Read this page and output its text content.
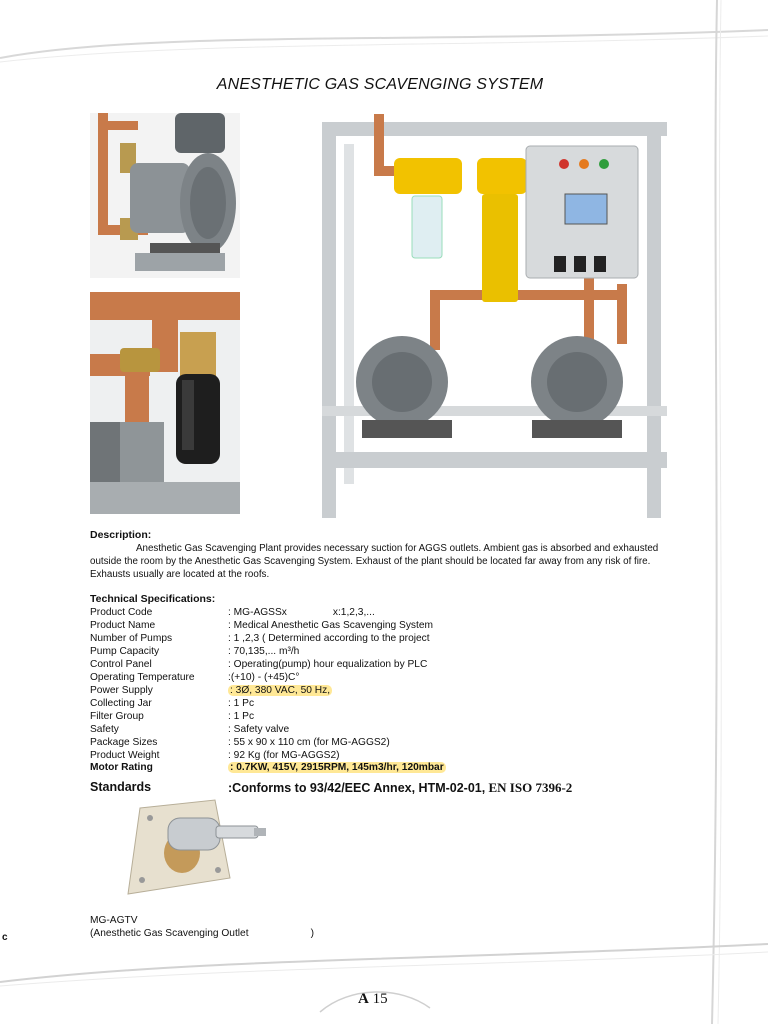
ANESTHETIC GAS SCAVENGING SYSTEM
Description:
Anesthetic Gas Scavenging Plant provides necessary suction for AGGS outlets. Ambient gas is absorbed and exhausted outside the room by the Anesthetic Gas Scavenging System. Exhaust of the plant should be located far away from any risk of fire. Exhausts usually are located at the roofs.
Technical Specifications:
Product Code	: MG-AGSSx	x:1,2,3,...
Product Name	: Medical Anesthetic Gas Scavenging System
Number of Pumps	: 1 ,2,3 ( Determined according to the project
Pump Capacity	: 70,135,... m³/h
Control Panel	: Operating(pump) hour equalization by PLC
Operating Temperature	:(+10) - (+45)C°
Power Supply	: 3Ø, 380 VAC, 50 Hz,
Collecting Jar	: 1 Pc
Filter Group	: 1 Pc
Safety	: Safety valve
Package Sizes	: 55 x 90 x 110 cm (for MG-AGGS2)
Product Weight	: 92 Kg (for MG-AGGS2)
Motor Rating	: 0.7KW, 415V, 2915RPM, 145m3/hr, 120mbar
Standards	:Conforms to 93/42/EEC Annex, HTM-02-01, EN ISO 7396-2
MG-AGTV
(Anesthetic Gas Scavenging Outlet	)
c
A 15
